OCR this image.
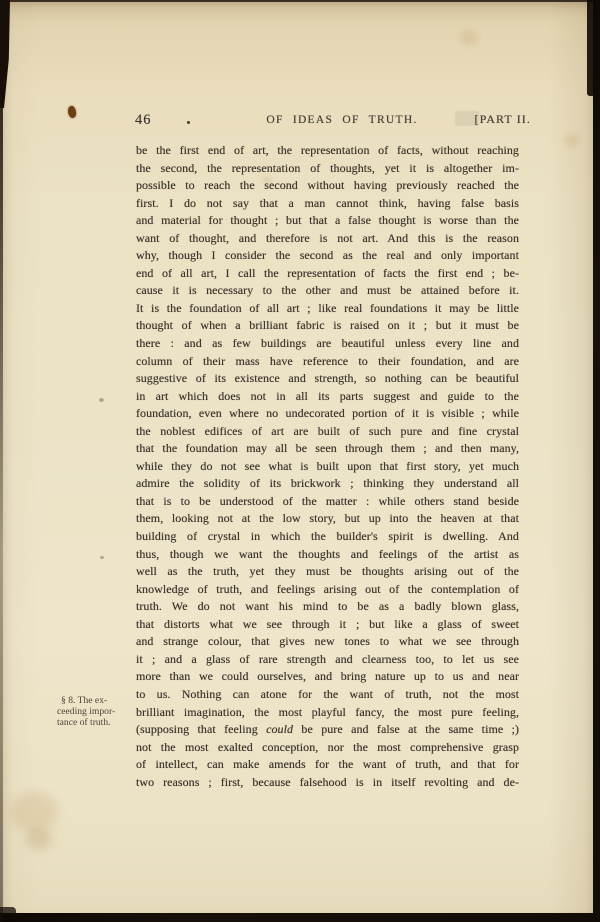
46	OF IDEAS OF TRUTH.	[PART II.
§ 8. The ex-
ceeding impor-
tance of truth.
be the first end of art, the representation of facts, without reaching
the second, the representation of thoughts, yet it is altogether im-
possible to reach the second without having previously reached the
first. I do not say that a man cannot think, having false basis
and material for thought ; but that a false thought is worse than the
want of thought, and therefore is not art. And this is the reason
why, though I consider the second as the real and only important
end of all art, I call the representation of facts the first end ; be-
cause it is necessary to the other and must be attained before it.
It is the foundation of all art ; like real foundations it may be little
thought of when a brilliant fabric is raised on it ; but it must be
there : and as few buildings are beautiful unless every line and
column of their mass have reference to their foundation, and are
suggestive of its existence and strength, so nothing can be beautiful
in art which does not in all its parts suggest and guide to the
foundation, even where no undecorated portion of it is visible ; while
the noblest edifices of art are built of such pure and fine crystal
that the foundation may all be seen through them ; and then many,
while they do not see what is built upon that first story, yet much
admire the solidity of its brickwork ; thinking they understand all
that is to be understood of the matter : while others stand beside
them, looking not at the low story, but up into the heaven at that
building of crystal in which the builder's spirit is dwelling. And
thus, though we want the thoughts and feelings of the artist as
well as the truth, yet they must be thoughts arising out of the
knowledge of truth, and feelings arising out of the contemplation of
truth. We do not want his mind to be as a badly blown glass,
that distorts what we see through it ; but like a glass of sweet
and strange colour, that gives new tones to what we see through
it ; and a glass of rare strength and clearness too, to let us see
more than we could ourselves, and bring nature up to us and near
to us. Nothing can atone for the want of truth, not the most
brilliant imagination, the most playful fancy, the most pure feeling,
(supposing that feeling could be pure and false at the same time ;)
not the most exalted conception, nor the most comprehensive grasp
of intellect, can make amends for the want of truth, and that for
two reasons ; first, because falsehood is in itself revolting and de-
